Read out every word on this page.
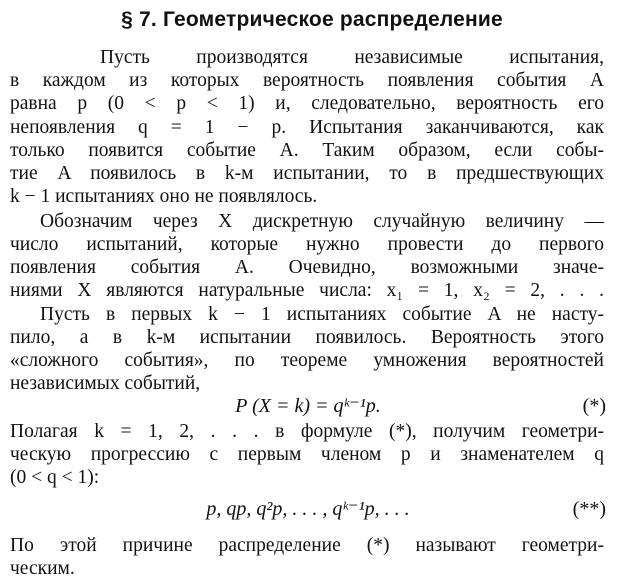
§ 7. Геометрическое распределение
Пусть производятся независимые испытания,
в каждом из которых вероятность появления события A
равна p (0 < p < 1) и, следовательно, вероятность его
непоявления q = 1 − p. Испытания заканчиваются, как
только появится событие A. Таким образом, если собы-
тие A появилось в k-м испытании, то в предшествующих
k − 1 испытаниях оно не появлялось.
Обозначим через X дискретную случайную величину —
число испытаний, которые нужно провести до первого
появления события A. Очевидно, возможными значе-
ниями X являются натуральные числа: x₁ = 1, x₂ = 2, . . .
Пусть в первых k − 1 испытаниях событие A не насту-
пило, а в k-м испытании появилось. Вероятность этого
«сложного события», по теореме умножения вероятностей
независимых событий,
Полагая k = 1, 2, . . . в формуле (*), получим геометри-
ческую прогрессию с первым членом p и знаменателем q
(0 < q < 1):
По этой причине распределение (*) называют геометри-
ческим.
P (X = k) = qᵏ⁻¹p.	(*)
p, qp, q²p, . . . , qᵏ⁻¹p, . . .	(**)
